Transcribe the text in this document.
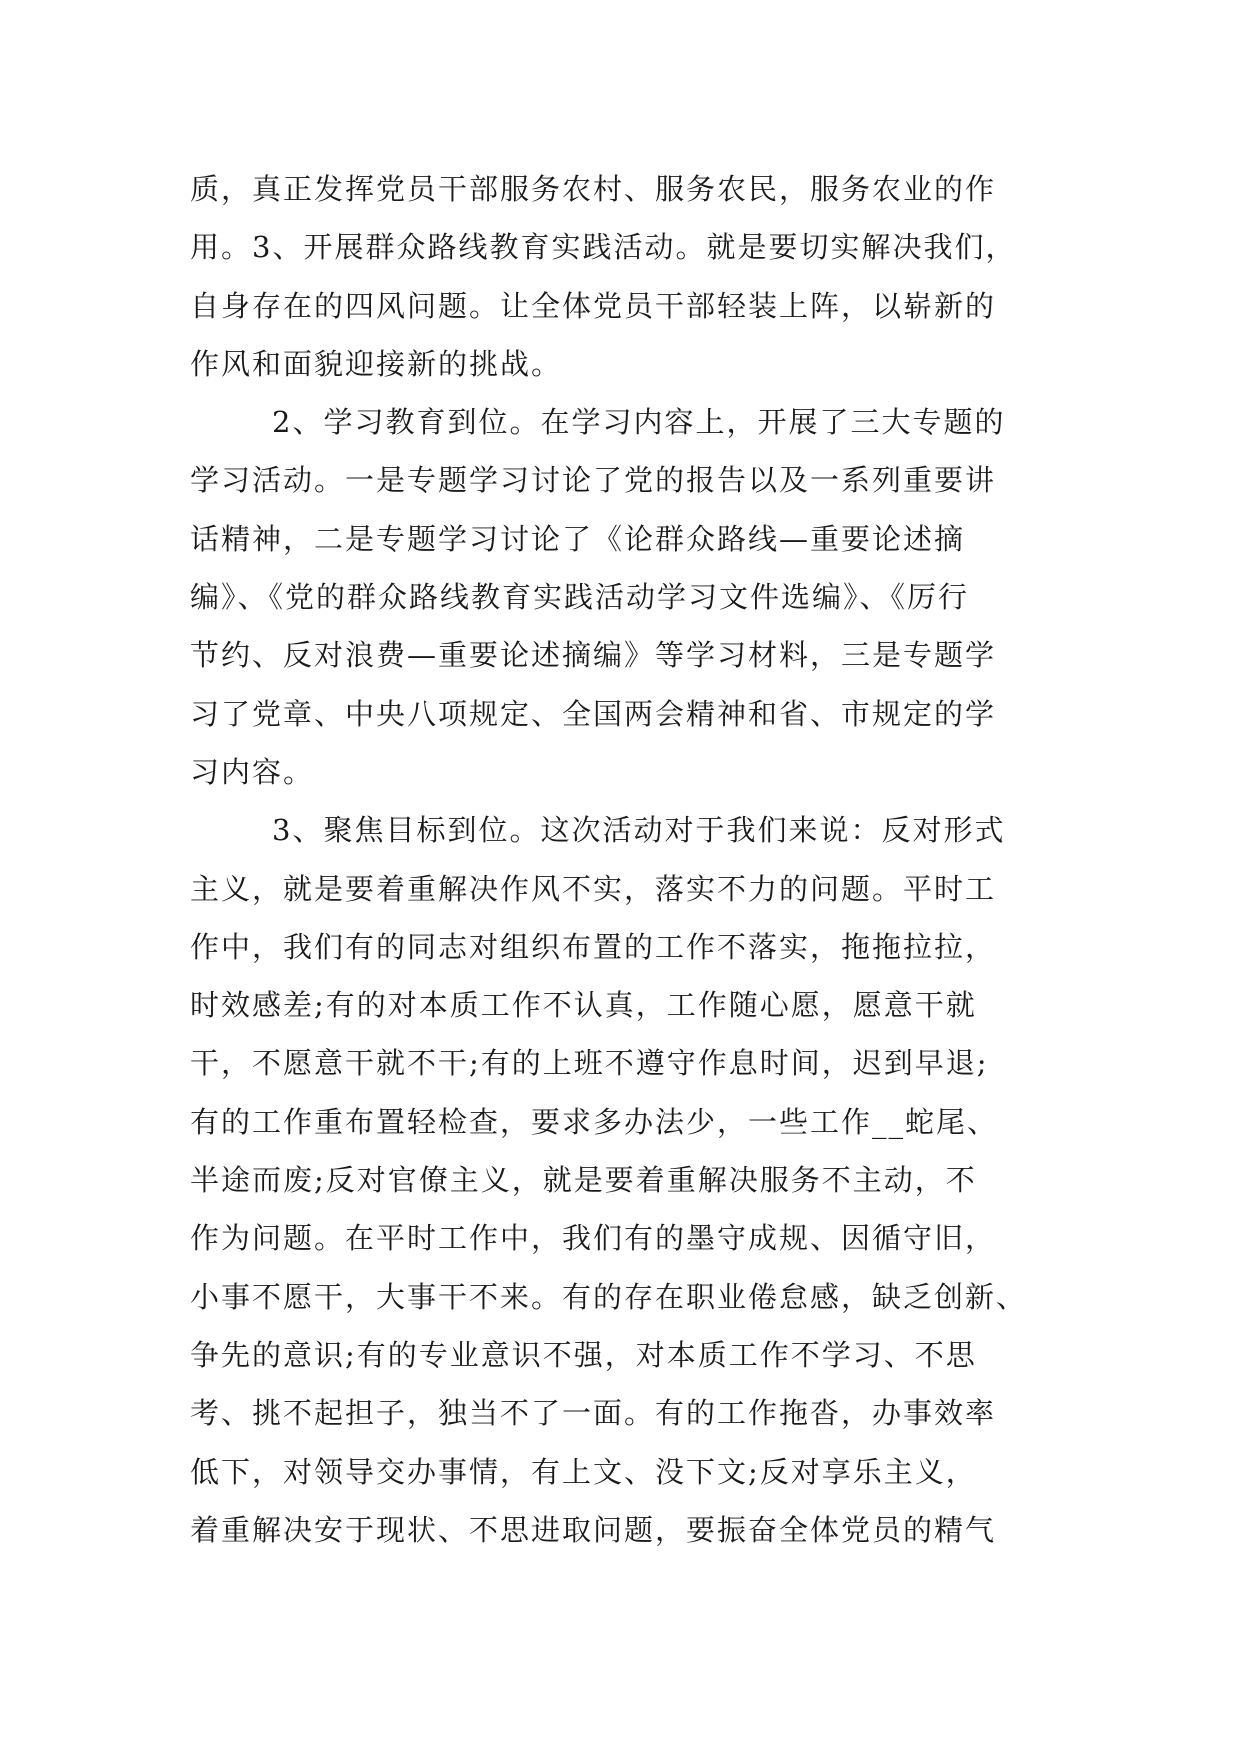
质，真正发挥党员干部服务农村、服务农民，服务农业的作
用。3、开展群众路线教育实践活动。就是要切实解决我们，
自身存在的四风问题。让全体党员干部轻装上阵，以崭新的
作风和面貌迎接新的挑战。
2、学习教育到位。在学习内容上，开展了三大专题的
学习活动。一是专题学习讨论了党的报告以及一系列重要讲
话精神，二是专题学习讨论了《论群众路线—重要论述摘
编》、《党的群众路线教育实践活动学习文件选编》、《厉行
节约、反对浪费—重要论述摘编》等学习材料，三是专题学
习了党章、中央八项规定、全国两会精神和省、市规定的学
习内容。
3、聚焦目标到位。这次活动对于我们来说：反对形式
主义，就是要着重解决作风不实，落实不力的问题。平时工
作中，我们有的同志对组织布置的工作不落实，拖拖拉拉，
时效感差;有的对本质工作不认真，工作随心愿，愿意干就
干，不愿意干就不干;有的上班不遵守作息时间，迟到早退;
有的工作重布置轻检查，要求多办法少，一些工作__蛇尾、
半途而废;反对官僚主义，就是要着重解决服务不主动，不
作为问题。在平时工作中，我们有的墨守成规、因循守旧，
小事不愿干，大事干不来。有的存在职业倦怠感，缺乏创新、
争先的意识;有的专业意识不强，对本质工作不学习、不思
考、挑不起担子，独当不了一面。有的工作拖沓，办事效率
低下，对领导交办事情，有上文、没下文;反对享乐主义，
着重解决安于现状、不思进取问题，要振奋全体党员的精气
